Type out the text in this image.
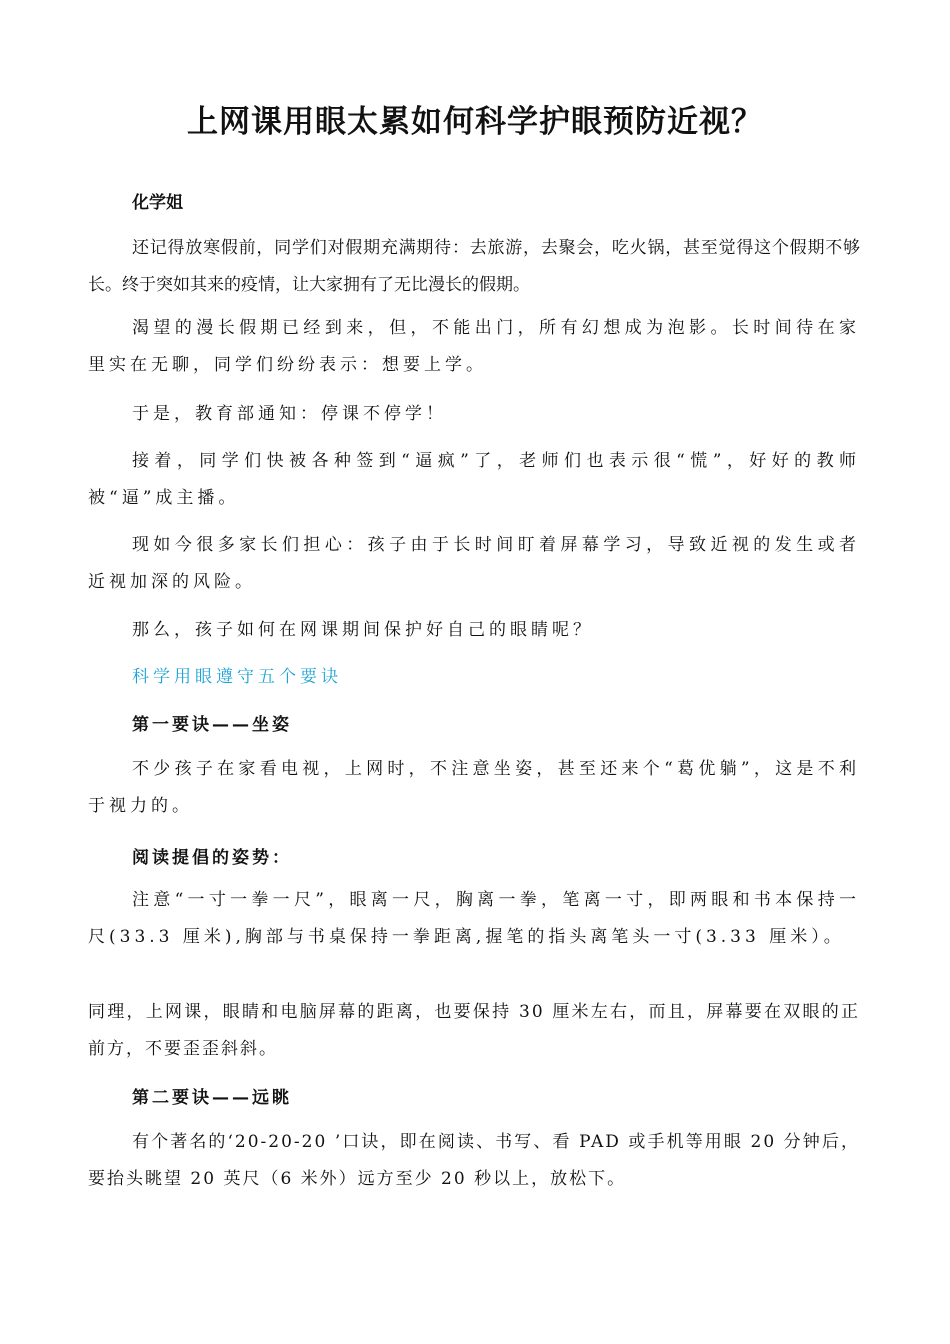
上网课用眼太累如何科学护眼预防近视？

化学姐

还记得放寒假前，同学们对假期充满期待：去旅游，去聚会，吃火锅，甚至觉得这个假期不够长。终于突如其来的疫情，让大家拥有了无比漫长的假期。

渴望的漫长假期已经到来，但，不能出门，所有幻想成为泡影。长时间待在家里实在无聊，同学们纷纷表示：想要上学。

于是，教育部通知：停课不停学！

接着，同学们快被各种签到“逼疯”了，老师们也表示很“慌”，好好的教师被“逼”成主播。

现如今很多家长们担心：孩子由于长时间盯着屏幕学习，导致近视的发生或者近视加深的风险。

那么，孩子如何在网课期间保护好自己的眼睛呢？

科学用眼遵守五个要诀

第一要诀——坐姿

不少孩子在家看电视，上网时，不注意坐姿，甚至还来个“葛优躺”，这是不利于视力的。

阅读提倡的姿势：

注意“一寸一拳一尺”，眼离一尺，胸离一拳，笔离一寸，即两眼和书本保持一尺(33.3 厘米),胸部与书桌保持一拳距离,握笔的指头离笔头一寸(3.33 厘米）。

同理，上网课，眼睛和电脑屏幕的距离，也要保持 30 厘米左右，而且，屏幕要在双眼的正前方，不要歪歪斜斜。

第二要诀——远眺

有个著名的‘20-20-20 ’口诀，即在阅读、书写、看 PAD 或手机等用眼 20 分钟后，要抬头眺望 20 英尺（6 米外）远方至少 20 秒以上，放松下。
